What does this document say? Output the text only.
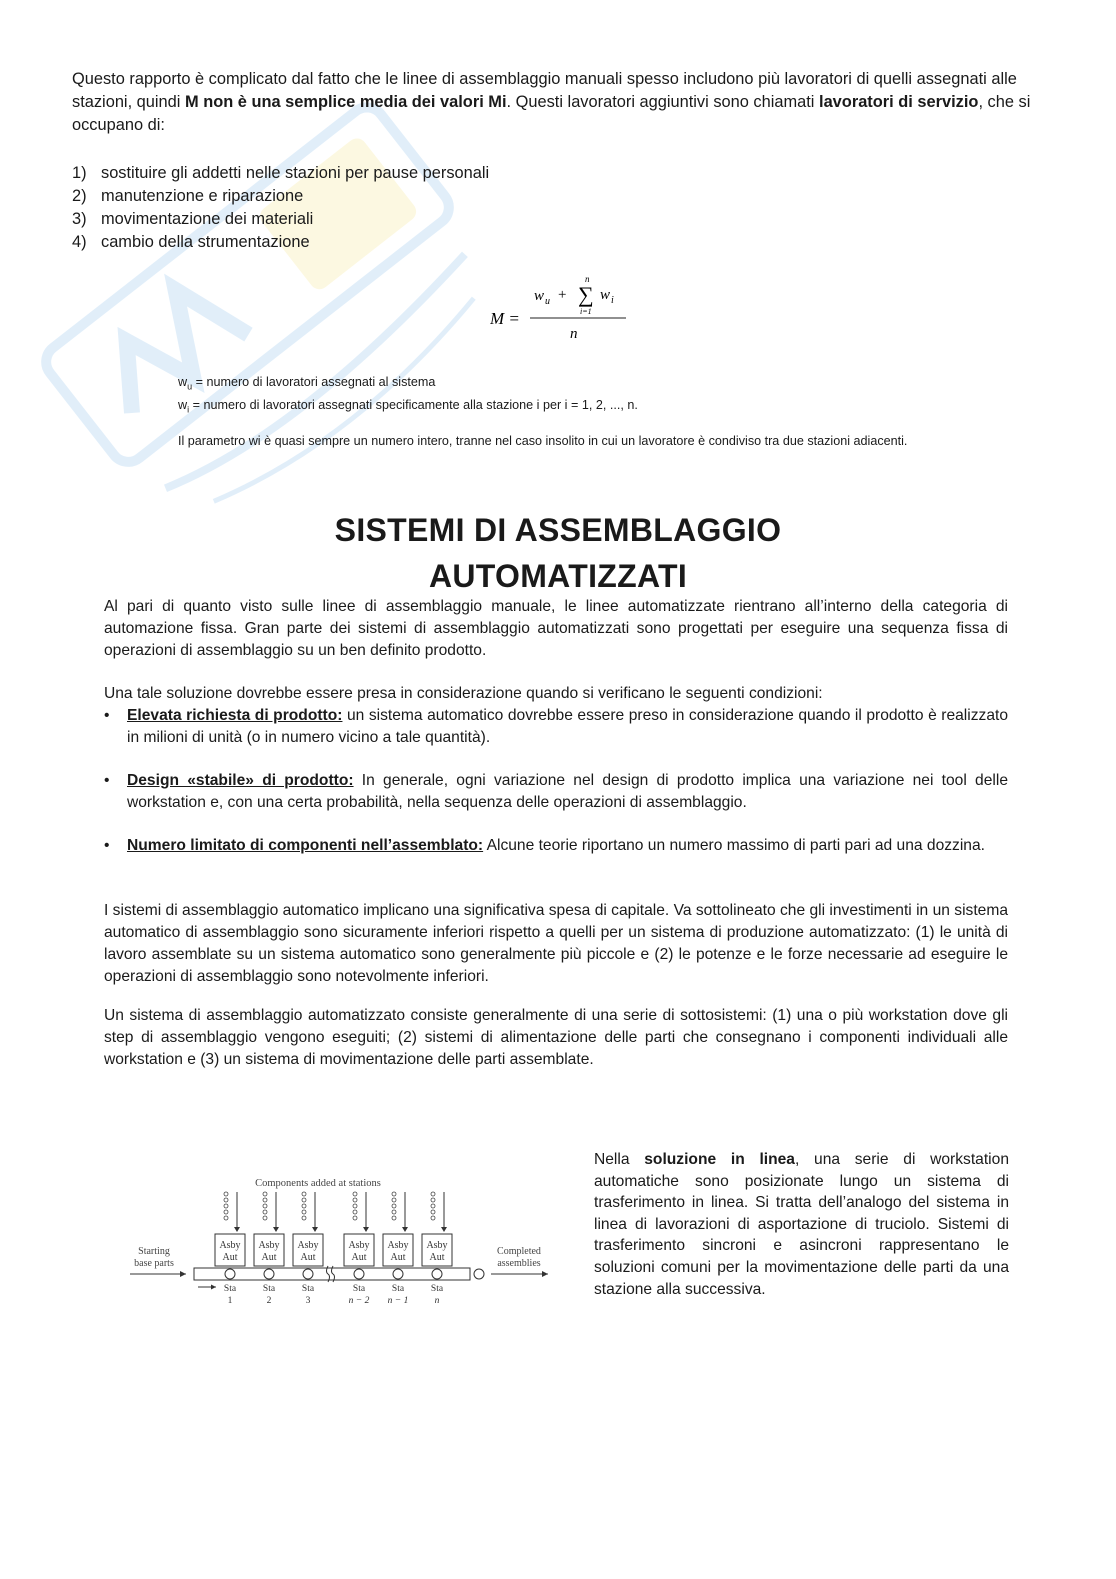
Questo rapporto è complicato dal fatto che le linee di assemblaggio manuali spesso includono più lavoratori di quelli assegnati alle stazioni, quindi M non è una semplice media dei valori Mi. Questi lavoratori aggiuntivi sono chiamati lavoratori di servizio, che si occupano di:

1) sostituire gli addetti nelle stazioni per pause personali
2) manutenzione e riparazione
3) movimentazione dei materiali
4) cambio della strumentazione
M =
w u +
n
∑
i=1
w i
n
$w_u$ = numero di lavoratori assegnati al sistema
$w_i$ = numero di lavoratori assegnati specificamente alla stazione i per i = 1, 2, ..., n.
Il parametro wi è quasi sempre un numero intero, tranne nel caso insolito in cui un lavoratore è condiviso tra due stazioni adiacenti.
SISTEMI DI ASSEMBLAGGIO
AUTOMATIZZATI

Al pari di quanto visto sulle linee di assemblaggio manuale, le linee automatizzate rientrano all’interno della categoria di automazione fissa. Gran parte dei sistemi di assemblaggio automatizzati sono progettati per eseguire una sequenza fissa di operazioni di assemblaggio su un ben definito prodotto.

Una tale soluzione dovrebbe essere presa in considerazione quando si verificano le seguenti condizioni:

•	Elevata richiesta di prodotto: un sistema automatico dovrebbe essere preso in considerazione quando il prodotto è realizzato in milioni di unità (o in numero vicino a tale quantità).
•	Design «stabile» di prodotto: In generale, ogni variazione nel design di prodotto implica una variazione nei tool delle workstation e, con una certa probabilità, nella sequenza delle operazioni di assemblaggio.
•	Numero limitato di componenti nell’assemblato: Alcune teorie riportano un numero massimo di parti pari ad una dozzina.

I sistemi di assemblaggio automatico implicano una significativa spesa di capitale. Va sottolineato che gli investimenti in un sistema automatico di assemblaggio sono sicuramente inferiori rispetto a quelli per un sistema di produzione automatizzato: (1) le unità di lavoro assemblate su un sistema automatico sono generalmente più piccole e (2) le potenze e le forze necessarie ad eseguire le operazioni di assemblaggio sono notevolmente inferiori.

Un sistema di assemblaggio automatizzato consiste generalmente di una serie di sottosistemi: (1) una o più workstation dove gli step di assemblaggio vengono eseguiti; (2) sistemi di alimentazione delle parti che consegnano i componenti individuali alle workstation e (3) un sistema di movimentazione delle parti assemblate.

Components added at stations
Starting
base parts
Completed
assemblies
Asby
Aut
Sta
1
Asby
Aut
Sta
2
Asby
Aut
Sta
3
Asby
Aut
Sta
n − 2
Asby
Aut
Sta
n − 1
Asby
Aut
Sta
n

Nella soluzione in linea, una serie di workstation automatiche sono posizionate lungo un sistema di trasferimento in linea. Si tratta dell’analogo del sistema in linea di lavorazioni di asportazione di truciolo. Sistemi di trasferimento sincroni e asincroni rappresentano le soluzioni comuni per la movimentazione delle parti da una stazione alla successiva.
